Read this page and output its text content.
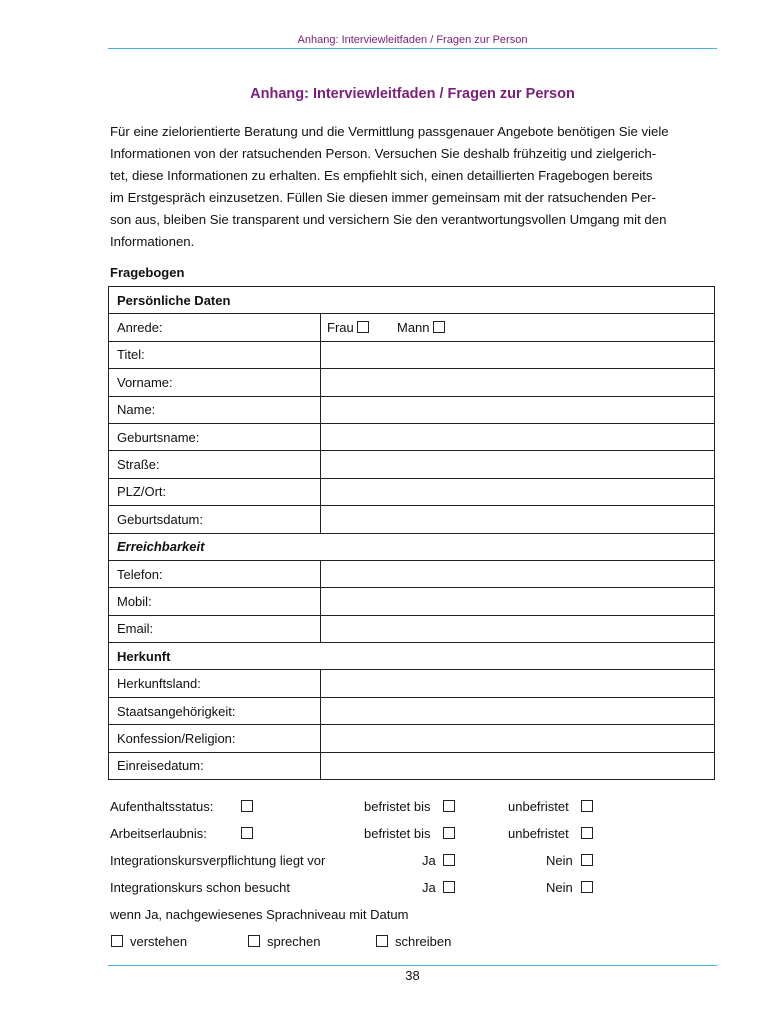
Anhang: Interviewleitfaden / Fragen zur Person
Anhang: Interviewleitfaden / Fragen zur Person

Für eine zielorientierte Beratung und die Vermittlung passgenauer Angebote benötigen Sie viele
Informationen von der ratsuchenden Person. Versuchen Sie deshalb frühzeitig und zielgerich-
tet, diese Informationen zu erhalten. Es empfiehlt sich, einen detaillierten Fragebogen bereits
im Erstgespräch einzusetzen. Füllen Sie diesen immer gemeinsam mit der ratsuchenden Per-
son aus, bleiben Sie transparent und versichern Sie den verantwortungsvollen Umgang mit den
Informationen.

Fragebogen
Persönliche Daten	
Anrede:	Frau Mann
Titel:	
Vorname:	
Name:	
Geburtsname:	
Straße:	
PLZ/Ort:	
Geburtsdatum:	
Erreichbarkeit	
Telefon:	
Mobil:	
Email:	
Herkunft	
Herkunftsland:	
Staatsangehörigkeit:	
Konfession/Religion:	
Einreisedatum:	
Aufenthaltsstatus:	befristet bis	unbefristet
Arbeitserlaubnis:	befristet bis	unbefristet
Integrationskursverpflichtung liegt vor	Ja	Nein
Integrationskurs schon besucht	Ja	Nein
wenn Ja, nachgewiesenes Sprachniveau mit Datum
verstehen	sprechen	schreiben
38
